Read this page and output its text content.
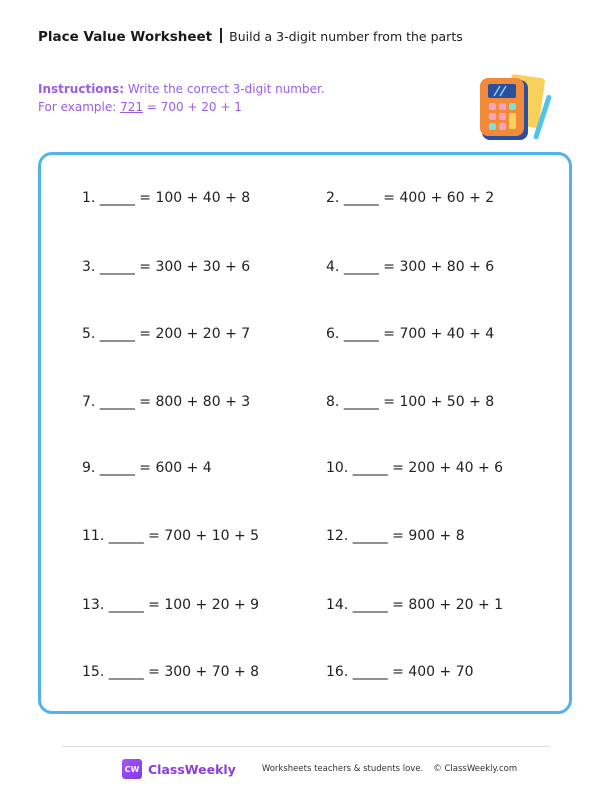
Place Value Worksheet Build a 3-digit number from the parts
Instructions: Write the correct 3-digit number.
For example: 721 = 700 + 20 + 1
1. _____ = 100 + 40 + 8	2. _____ = 400 + 60 + 2
3. _____ = 300 + 30 + 6	4. _____ = 300 + 80 + 6
5. _____ = 200 + 20 + 7	6. _____ = 700 + 40 + 4
7. _____ = 800 + 80 + 3	8. _____ = 100 + 50 + 8
9. _____ = 600 + 4	10. _____ = 200 + 40 + 6
11. _____ = 700 + 10 + 5	12. _____ = 900 + 8
13. _____ = 100 + 20 + 9	14. _____ = 800 + 20 + 1
15. _____ = 300 + 70 + 8	16. _____ = 400 + 70
CW ClassWeekly	Worksheets teachers & students love. © ClassWeekly.com
